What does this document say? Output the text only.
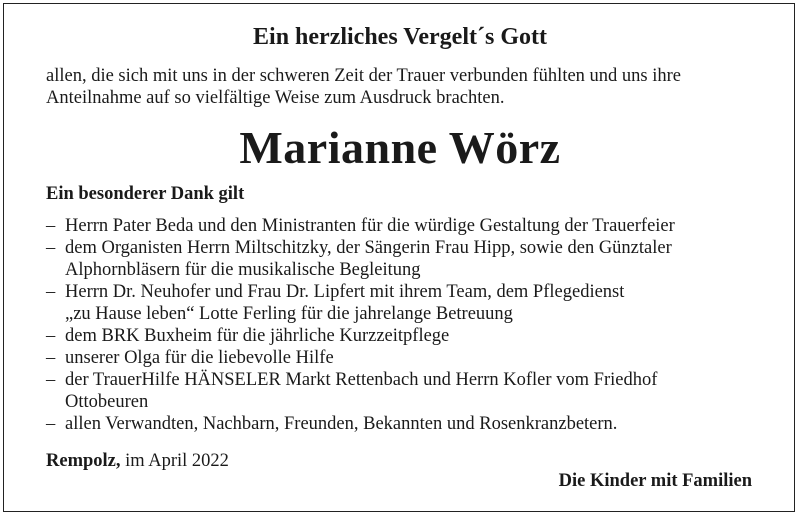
Ein herzliches Vergelt´s Gott

allen, die sich mit uns in der schweren Zeit der Trauer verbunden fühlten und uns ihre
Anteilnahme auf so vielfältige Weise zum Ausdruck brachten.

Marianne Wörz

Ein besonderer Dank gilt

– Herrn Pater Beda und den Ministranten für die würdige Gestaltung der Trauerfeier
– dem Organisten Herrn Miltschitzky, der Sängerin Frau Hipp, sowie den Günztaler
Alphornbläsern für die musikalische Begleitung
– Herrn Dr. Neuhofer und Frau Dr. Lipfert mit ihrem Team, dem Pflegedienst
„zu Hause leben“ Lotte Ferling für die jahrelange Betreuung
– dem BRK Buxheim für die jährliche Kurzzeitpflege
– unserer Olga für die liebevolle Hilfe
– der TrauerHilfe HÄNSELER Markt Rettenbach und Herrn Kofler vom Friedhof
Ottobeuren
– allen Verwandten, Nachbarn, Freunden, Bekannten und Rosenkranzbetern.

Rempolz, im April 2022

Die Kinder mit Familien
